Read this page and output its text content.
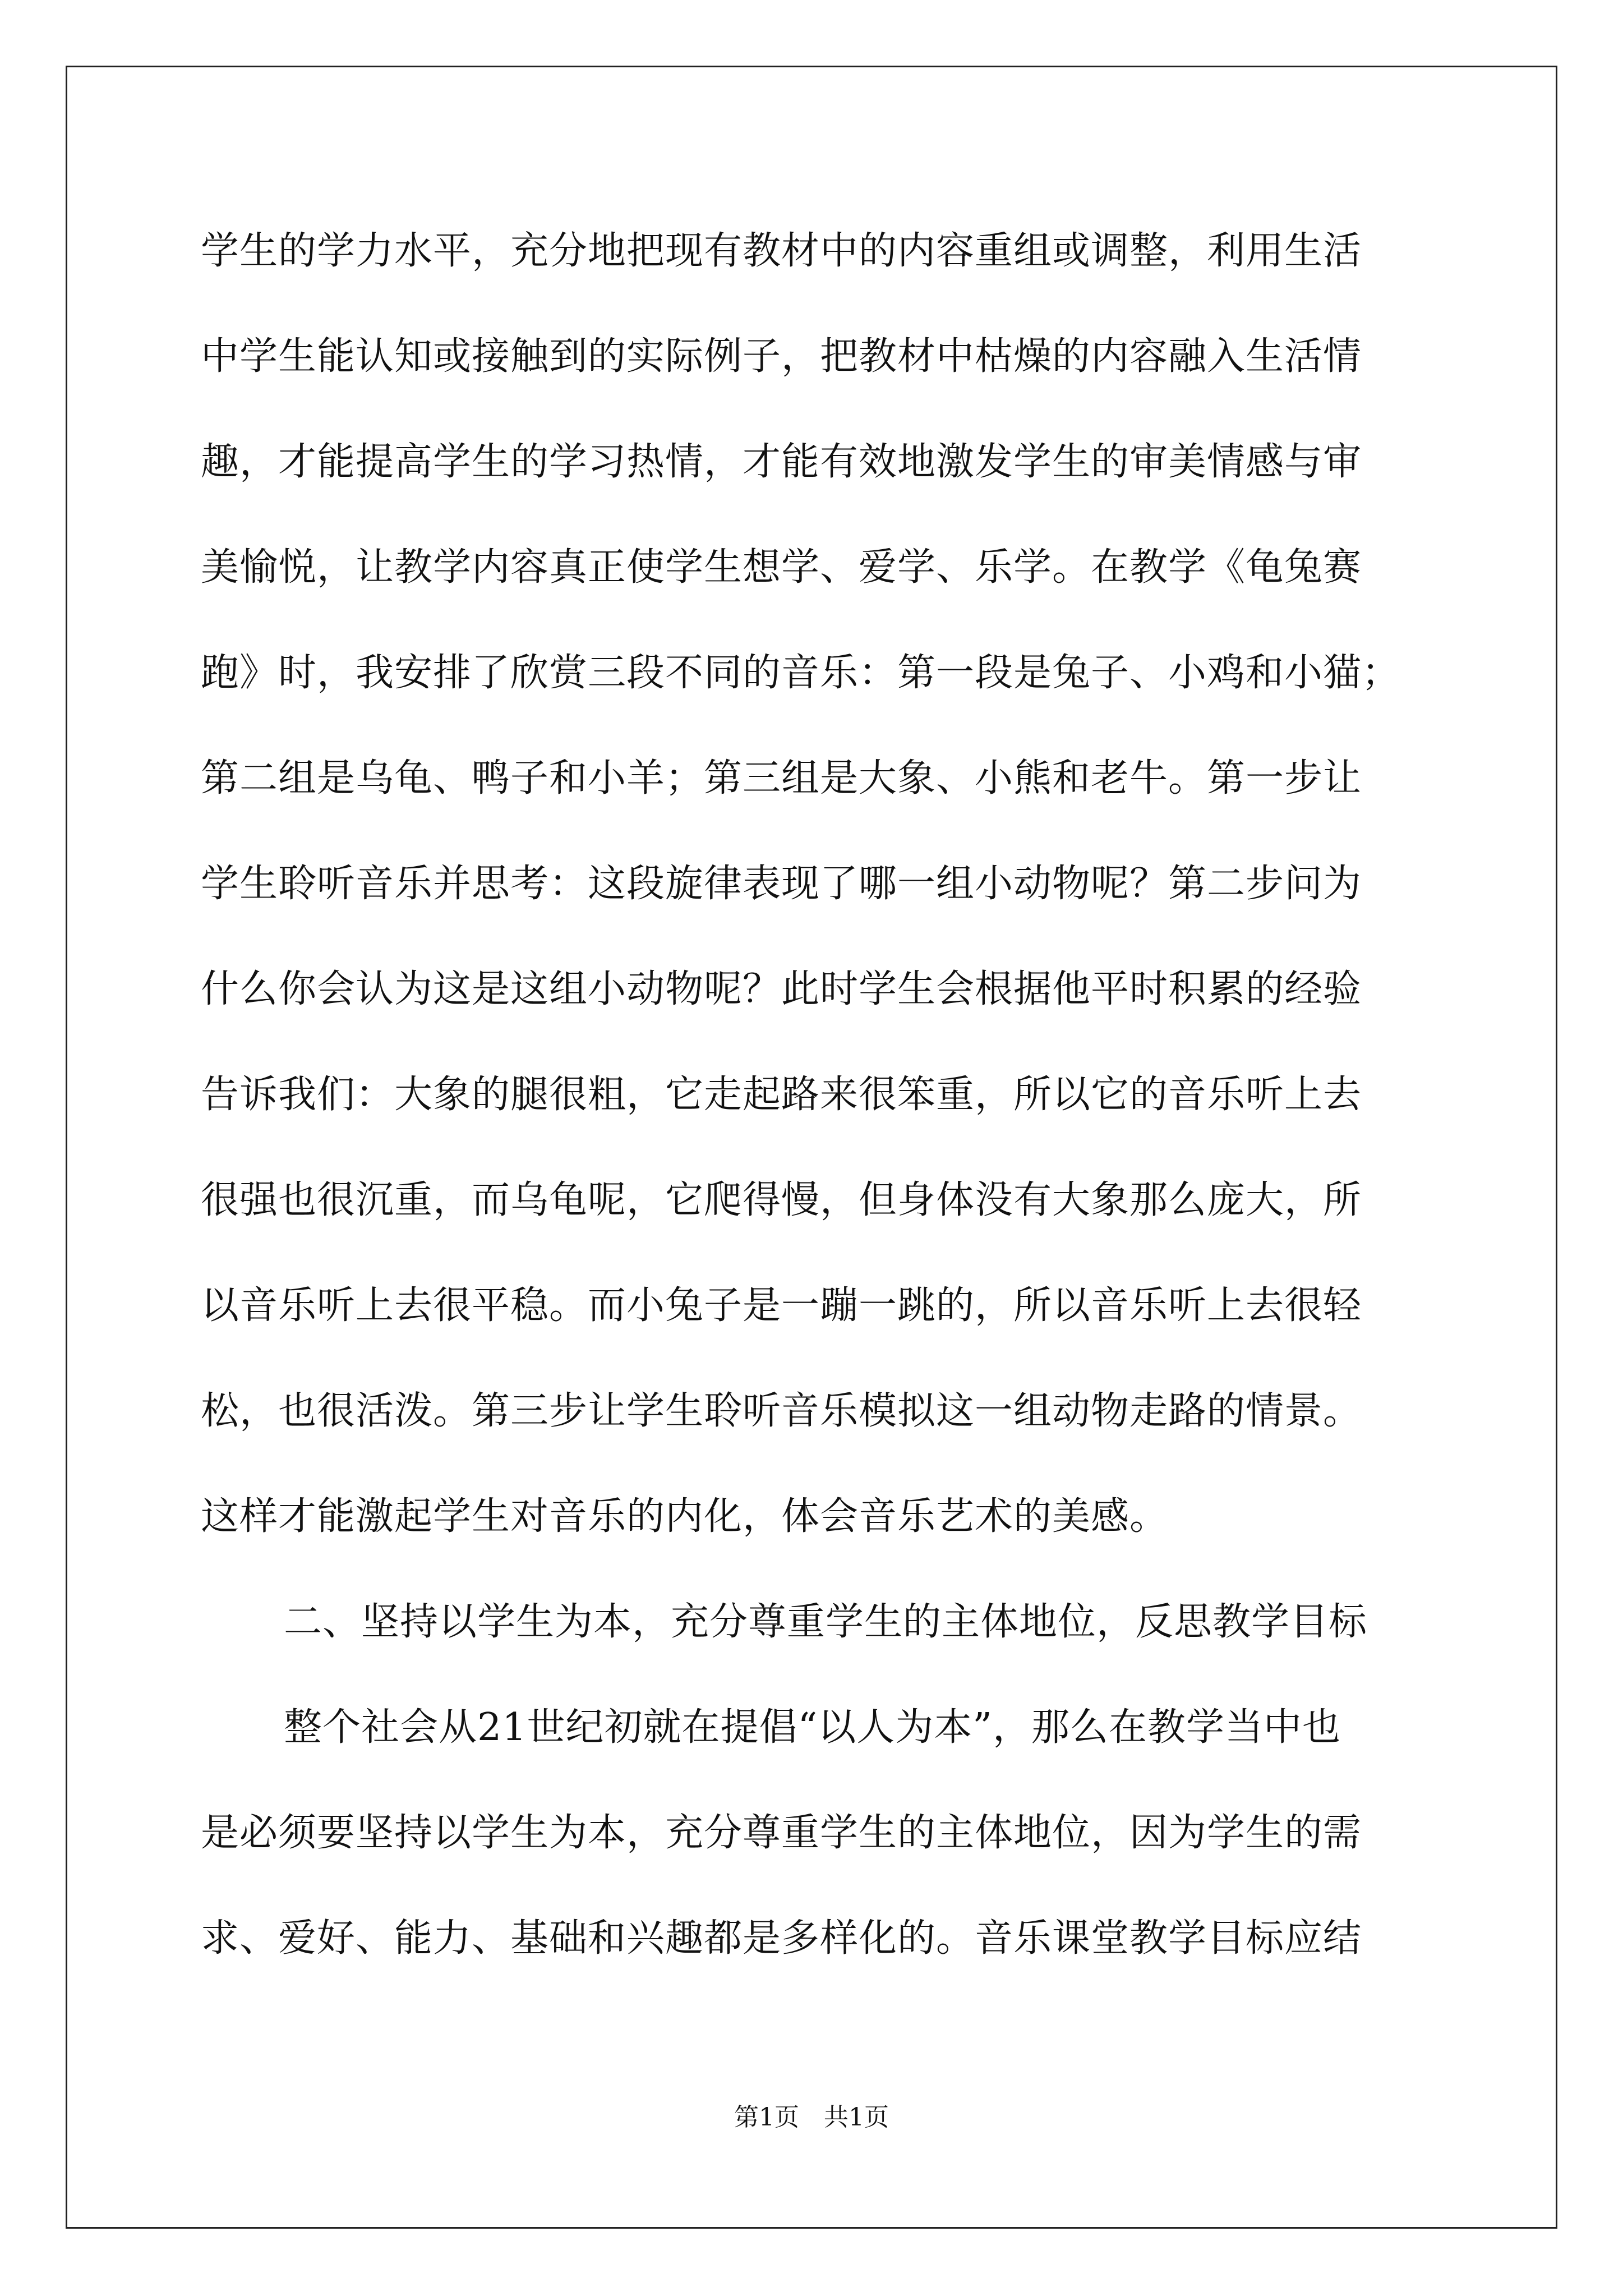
学生的学力水平，充分地把现有教材中的内容重组或调整，利用生活
中学生能认知或接触到的实际例子，把教材中枯燥的内容融入生活情
趣，才能提高学生的学习热情，才能有效地激发学生的审美情感与审
美愉悦，让教学内容真正使学生想学、爱学、乐学。在教学《龟兔赛
跑》时，我安排了欣赏三段不同的音乐：第一段是兔子、小鸡和小猫；
第二组是乌龟、鸭子和小羊；第三组是大象、小熊和老牛。第一步让
学生聆听音乐并思考：这段旋律表现了哪一组小动物呢？第二步问为
什么你会认为这是这组小动物呢？此时学生会根据他平时积累的经验
告诉我们：大象的腿很粗，它走起路来很笨重，所以它的音乐听上去
很强也很沉重，而乌龟呢，它爬得慢，但身体没有大象那么庞大，所
以音乐听上去很平稳。而小兔子是一蹦一跳的，所以音乐听上去很轻
松，也很活泼。第三步让学生聆听音乐模拟这一组动物走路的情景。
这样才能激起学生对音乐的内化，体会音乐艺术的美感。
二、坚持以学生为本，充分尊重学生的主体地位，反思教学目标
整个社会从21世纪初就在提倡“以人为本”，那么在教学当中也
是必须要坚持以学生为本，充分尊重学生的主体地位，因为学生的需
求、爱好、能力、基础和兴趣都是多样化的。音乐课堂教学目标应结
第1页　共1页
